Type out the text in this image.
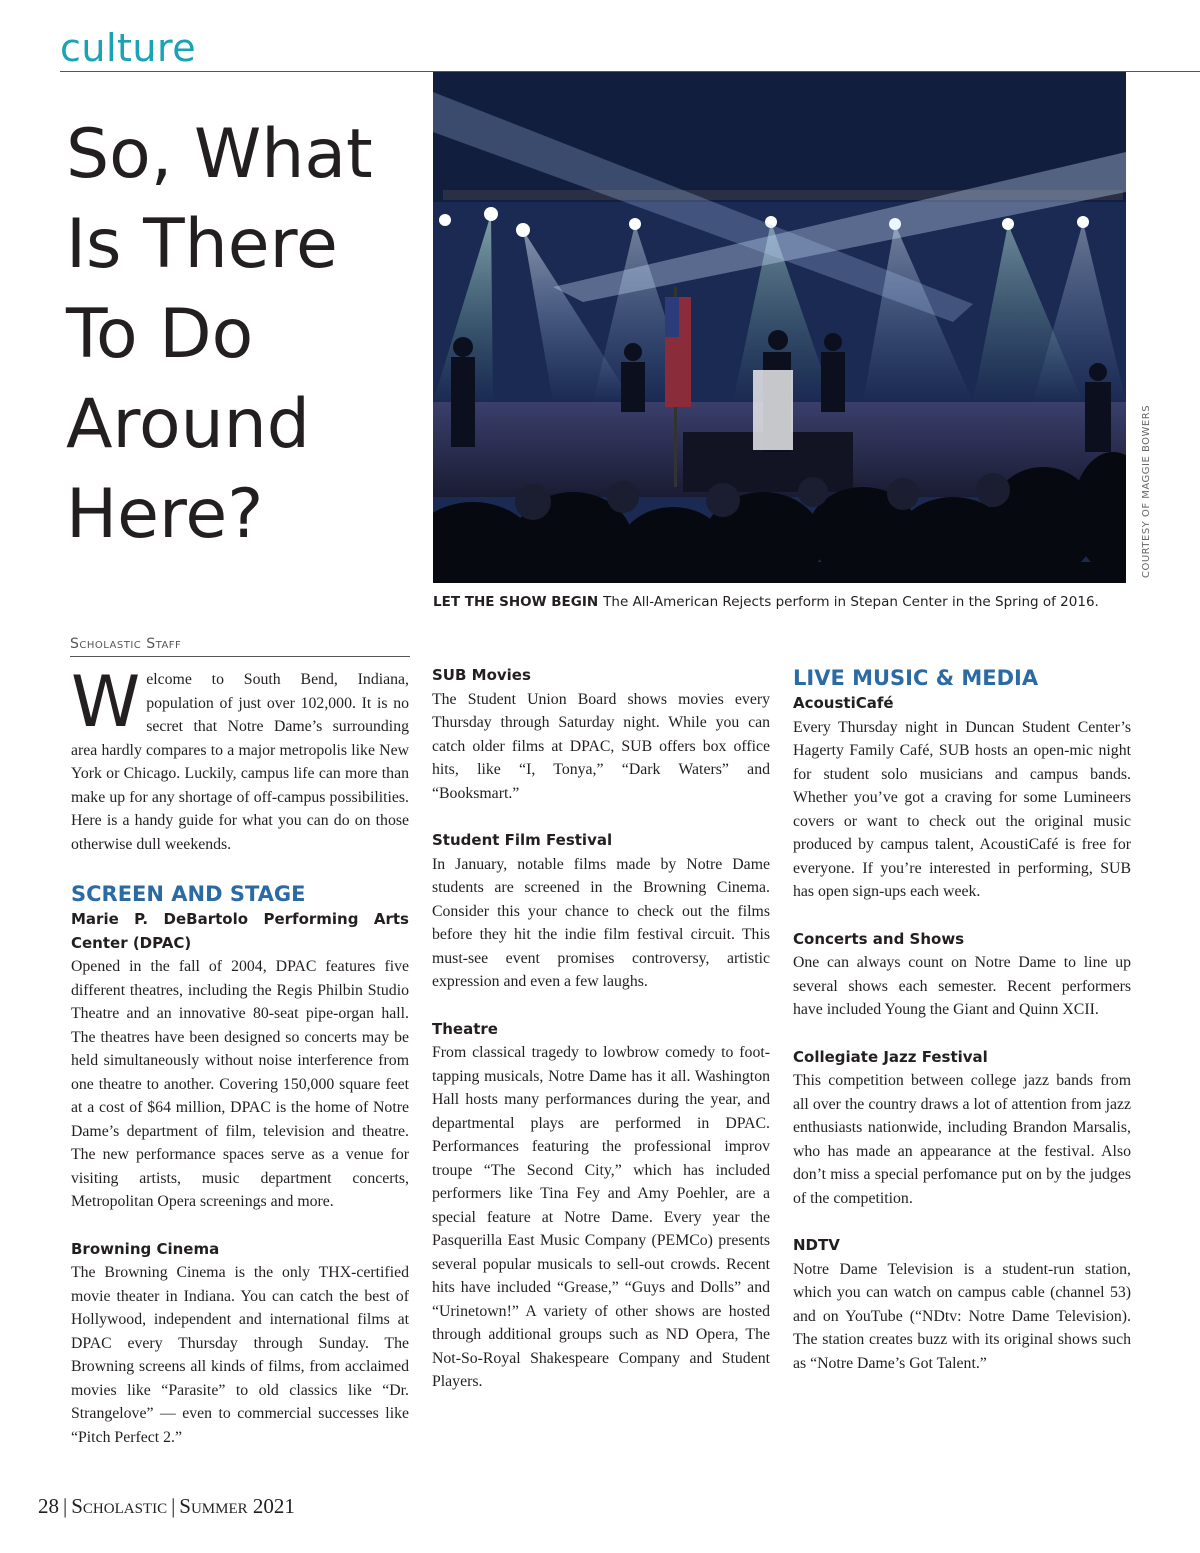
culture
So, What
Is There
To Do
Around
Here?	COURTESY OF MAGGIE BOWERS
LET THE SHOW BEGIN The All-American Rejects perform in Stepan Center in the Spring of 2016.
Scholastic Staff

Welcome to South Bend, Indiana, population of just over 102,000. It is no secret that Notre Dame’s surrounding area hardly compares to a major metropolis like New York or Chicago. Luckily, campus life can more than make up for any shortage of off-campus possibilities. Here is a handy guide for what you can do on those otherwise dull weekends.

SCREEN AND STAGE
Marie P. DeBartolo Performing Arts Center (DPAC)

Opened in the fall of 2004, DPAC features five different theatres, including the Regis Philbin Studio Theatre and an innovative 80-seat pipe-organ hall. The theatres have been designed so concerts may be held simultaneously without noise interference from one theatre to another. Covering 150,000 square feet at a cost of $64 million, DPAC is the home of Notre Dame’s department of film, television and theatre. The new performance spaces serve as a venue for visiting artists, music department concerts, Metropolitan Opera screenings and more.

Browning Cinema

The Browning Cinema is the only THX-certified movie theater in Indiana. You can catch the best of Hollywood, independent and international films at DPAC every Thursday through Sunday. The Browning screens all kinds of films, from acclaimed movies like “Parasite” to old classics like “Dr. Strangelove” — even to commercial successes like “Pitch Perfect 2.”

SUB Movies

The Student Union Board shows movies every Thursday through Saturday night. While you can catch older films at DPAC, SUB offers box office hits, like “I, Tonya,” “Dark Waters” and “Booksmart.”

Student Film Festival

In January, notable films made by Notre Dame students are screened in the Browning Cinema. Consider this your chance to check out the films before they hit the indie film festival circuit. This must-see event promises controversy, artistic expression and even a few laughs.

Theatre

From classical tragedy to lowbrow comedy to foot-tapping musicals, Notre Dame has it all. Washington Hall hosts many performances during the year, and departmental plays are performed in DPAC. Performances featuring the professional improv troupe “The Second City,” which has included performers like Tina Fey and Amy Poehler, are a special feature at Notre Dame. Every year the Pasquerilla East Music Company (PEMCo) presents several popular musicals to sell-out crowds. Recent hits have included “Grease,” “Guys and Dolls” and “Urinetown!” A variety of other shows are hosted through additional groups such as ND Opera, The Not-So-Royal Shakespeare Company and Student Players.

LIVE MUSIC & MEDIA
AcoustiCafé

Every Thursday night in Duncan Student Center’s Hagerty Family Café, SUB hosts an open-mic night for student solo musicians and campus bands. Whether you’ve got a craving for some Lumineers covers or want to check out the original music produced by campus talent, AcoustiCafé is free for everyone. If you’re interested in performing, SUB has open sign-ups each week.

Concerts and Shows

One can always count on Notre Dame to line up several shows each semester. Recent performers have included Young the Giant and Quinn XCII.

Collegiate Jazz Festival

This competition between college jazz bands from all over the country draws a lot of attention from jazz enthusiasts nationwide, including Brandon Marsalis, who has made an appearance at the festival. Also don’t miss a special perfomance put on by the judges of the competition.

NDTV

Notre Dame Television is a student-run station, which you can watch on campus cable (channel 53) and on YouTube (“NDtv: Notre Dame Television). The station creates buzz with its original shows such as “Notre Dame’s Got Talent.”

28 | Scholastic | Summer 2021
